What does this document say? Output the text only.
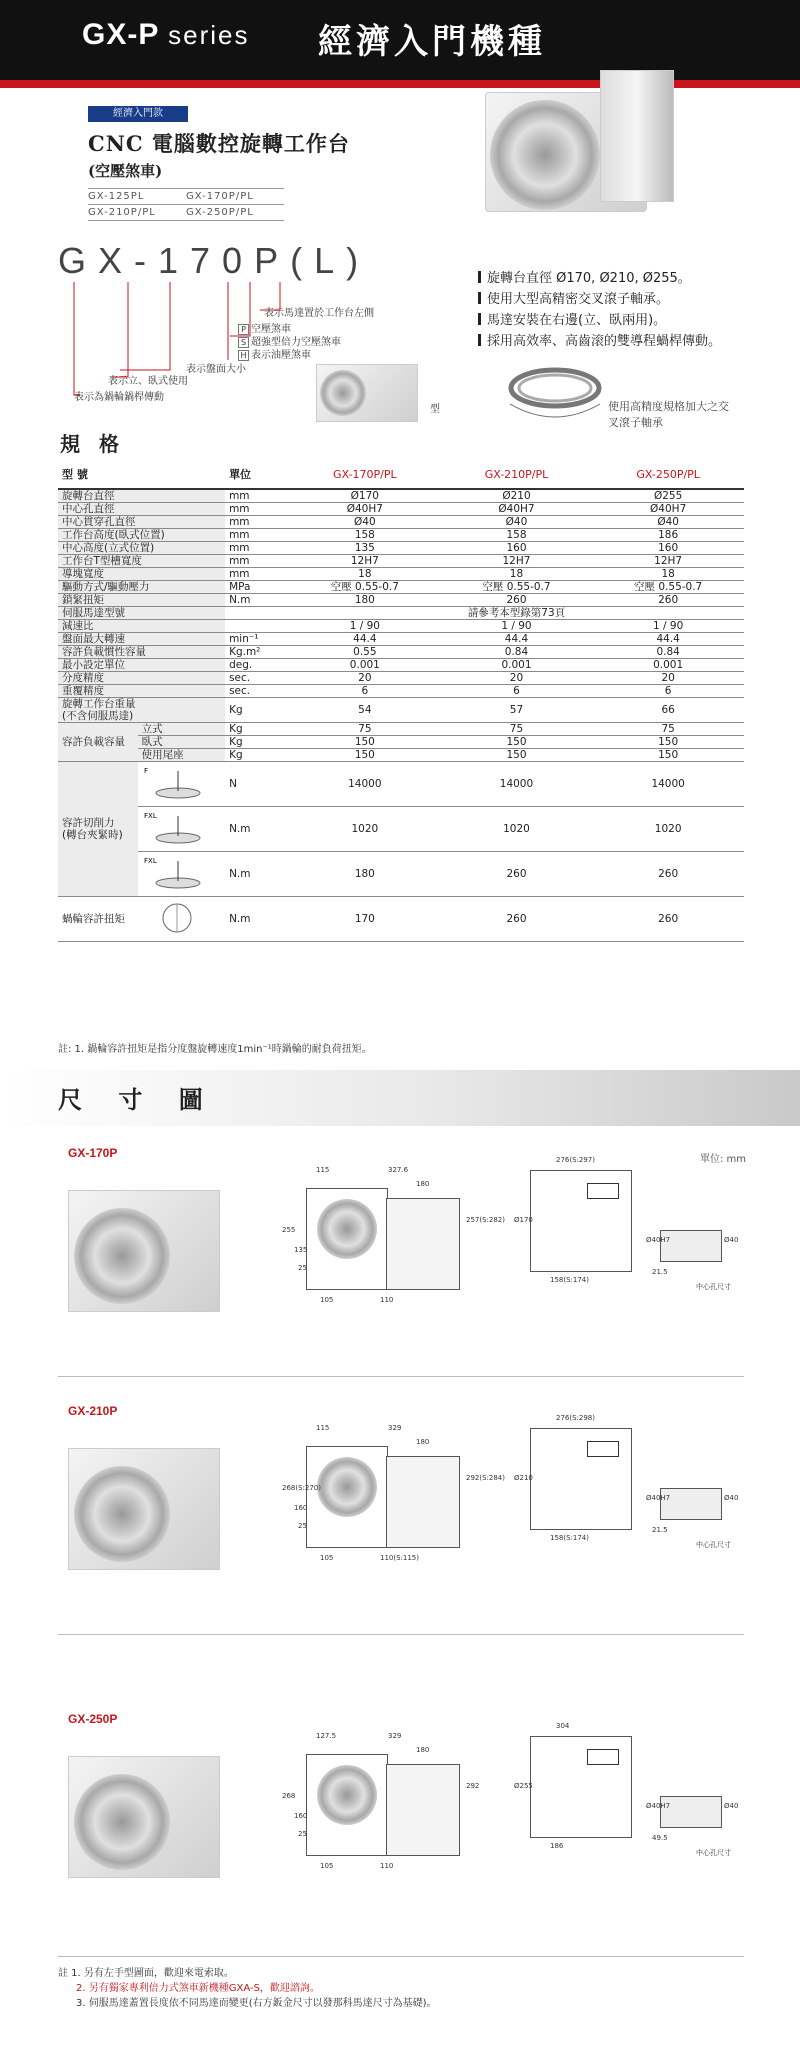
GX-P series 經濟入門機種
經濟入門款
CNC 電腦數控旋轉工作台
(空壓煞車)
GX-125PL	GX-170P/PL
GX-210P/PL	GX-250P/PL
GX-170P(L)
表示馬達置於工作台左側
P 空壓煞車
S 超強型倍力空壓煞車
H 表示油壓煞車
表示盤面大小
表示立、臥式使用
表示為鍋輪鍋桿傳動
型
旋轉台直徑 Ø170, Ø210, Ø255。
使用大型高精密交叉滾子軸承。
馬達安裝在右邊(立、臥兩用)。
採用高效率、高齒滚的雙導程蝸桿傳動。
使用高精度規格加大之交叉滾子軸承
規 格
型 號		單位	GX-170P/PL	GX-210P/PL	GX-250P/PL
旋轉台直徑		mm	Ø170	Ø210	Ø255
中心孔直徑		mm	Ø40H7	Ø40H7	Ø40H7
中心貫穿孔直徑		mm	Ø40	Ø40	Ø40
工作台高度(臥式位置)		mm	158	158	186
中心高度(立式位置)		mm	135	160	160
工作台T型槽寬度		mm	12H7	12H7	12H7
導塊寬度		mm	18	18	18
驅動方式/驅動壓力		MPa	空壓 0.55-0.7	空壓 0.55-0.7	空壓 0.55-0.7
鎖緊扭矩		N.m	180	260	260
伺服馬達型號			請參考本型錄第73頁		
減速比			1 / 90	1 / 90	1 / 90
盤面最大轉速		min⁻¹	44.4	44.4	44.4
容許負載慣性容量		Kg.m²	0.55	0.84	0.84
最小設定單位		deg.	0.001	0.001	0.001
分度精度		sec.	20	20	20
重覆精度		sec.	6	6	6

旋轉工作台重量
(不含伺服馬達)		Kg	54	57	66
容許負載容量	立式	Kg	75	75	75
	臥式	Kg	150	150	150
	使用尾座	Kg	150	150	150

容許切削力
(轉台夾緊時)	F	N	14000	14000	14000

FXL	N.m	1020	1020	1020

FXL	N.m	180	260	260
蝸輪容許扭矩		N.m	170	260	260
註: 1. 鍋輪容許扭矩是指分度盤旋轉速度1min⁻¹時鍋輪的耐負荷扭矩。
尺 寸 圖
單位: mm
GX-170P
115	327.6
180
276(S:297)
158(S:174)
255
135
25
105	110
257(S:282) Ø170
Ø40H7	Ø40
21.5
中心孔尺寸
GX-210P
115	329
180
276(S:298)
158(S:174)
268(S:270)
160
25
105	110(S:115)
292(S:284) Ø210
Ø40H7	Ø40
21.5
中心孔尺寸
GX-250P
127.5	329
180
304
186
268
160
25
105	110
292	Ø255
Ø40H7	Ø40
49.5
中心孔尺寸
註 1. 另有左手型圖面，歡迎來電索取。
2. 另有獨家專利倍力式煞車新機種GXA-S，歡迎諮詢。
3. 伺服馬達蓋置長度依不同馬達而變更(右方鈑金尺寸以發那科馬達尺寸為基礎)。
